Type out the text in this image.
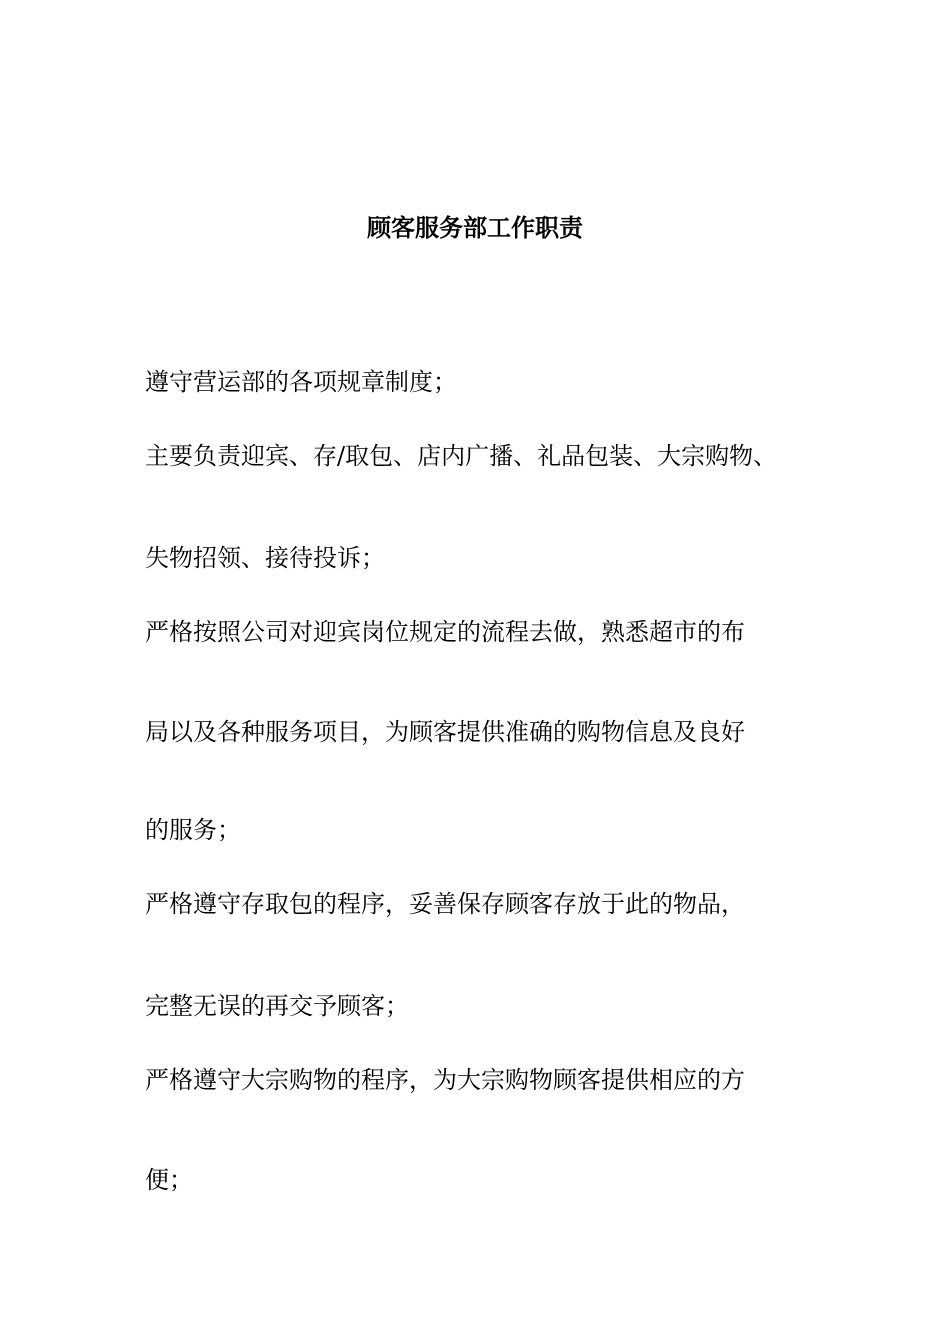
顾客服务部工作职责
遵守营运部的各项规章制度；
主要负责迎宾、存/取包、店内广播、礼品包装、大宗购物、
失物招领、接待投诉；
严格按照公司对迎宾岗位规定的流程去做，熟悉超市的布
局以及各种服务项目，为顾客提供准确的购物信息及良好
的服务；
严格遵守存取包的程序，妥善保存顾客存放于此的物品，
完整无误的再交予顾客；
严格遵守大宗购物的程序，为大宗购物顾客提供相应的方
便；
